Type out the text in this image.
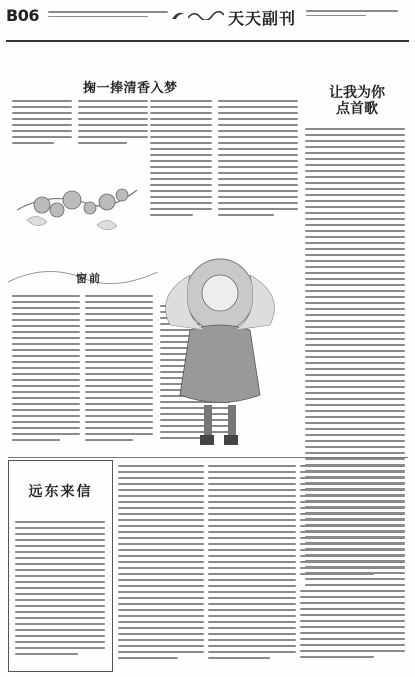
B06	天天副刊
掬一捧清香入梦	让我为你
点首歌
窗前
远东来信
